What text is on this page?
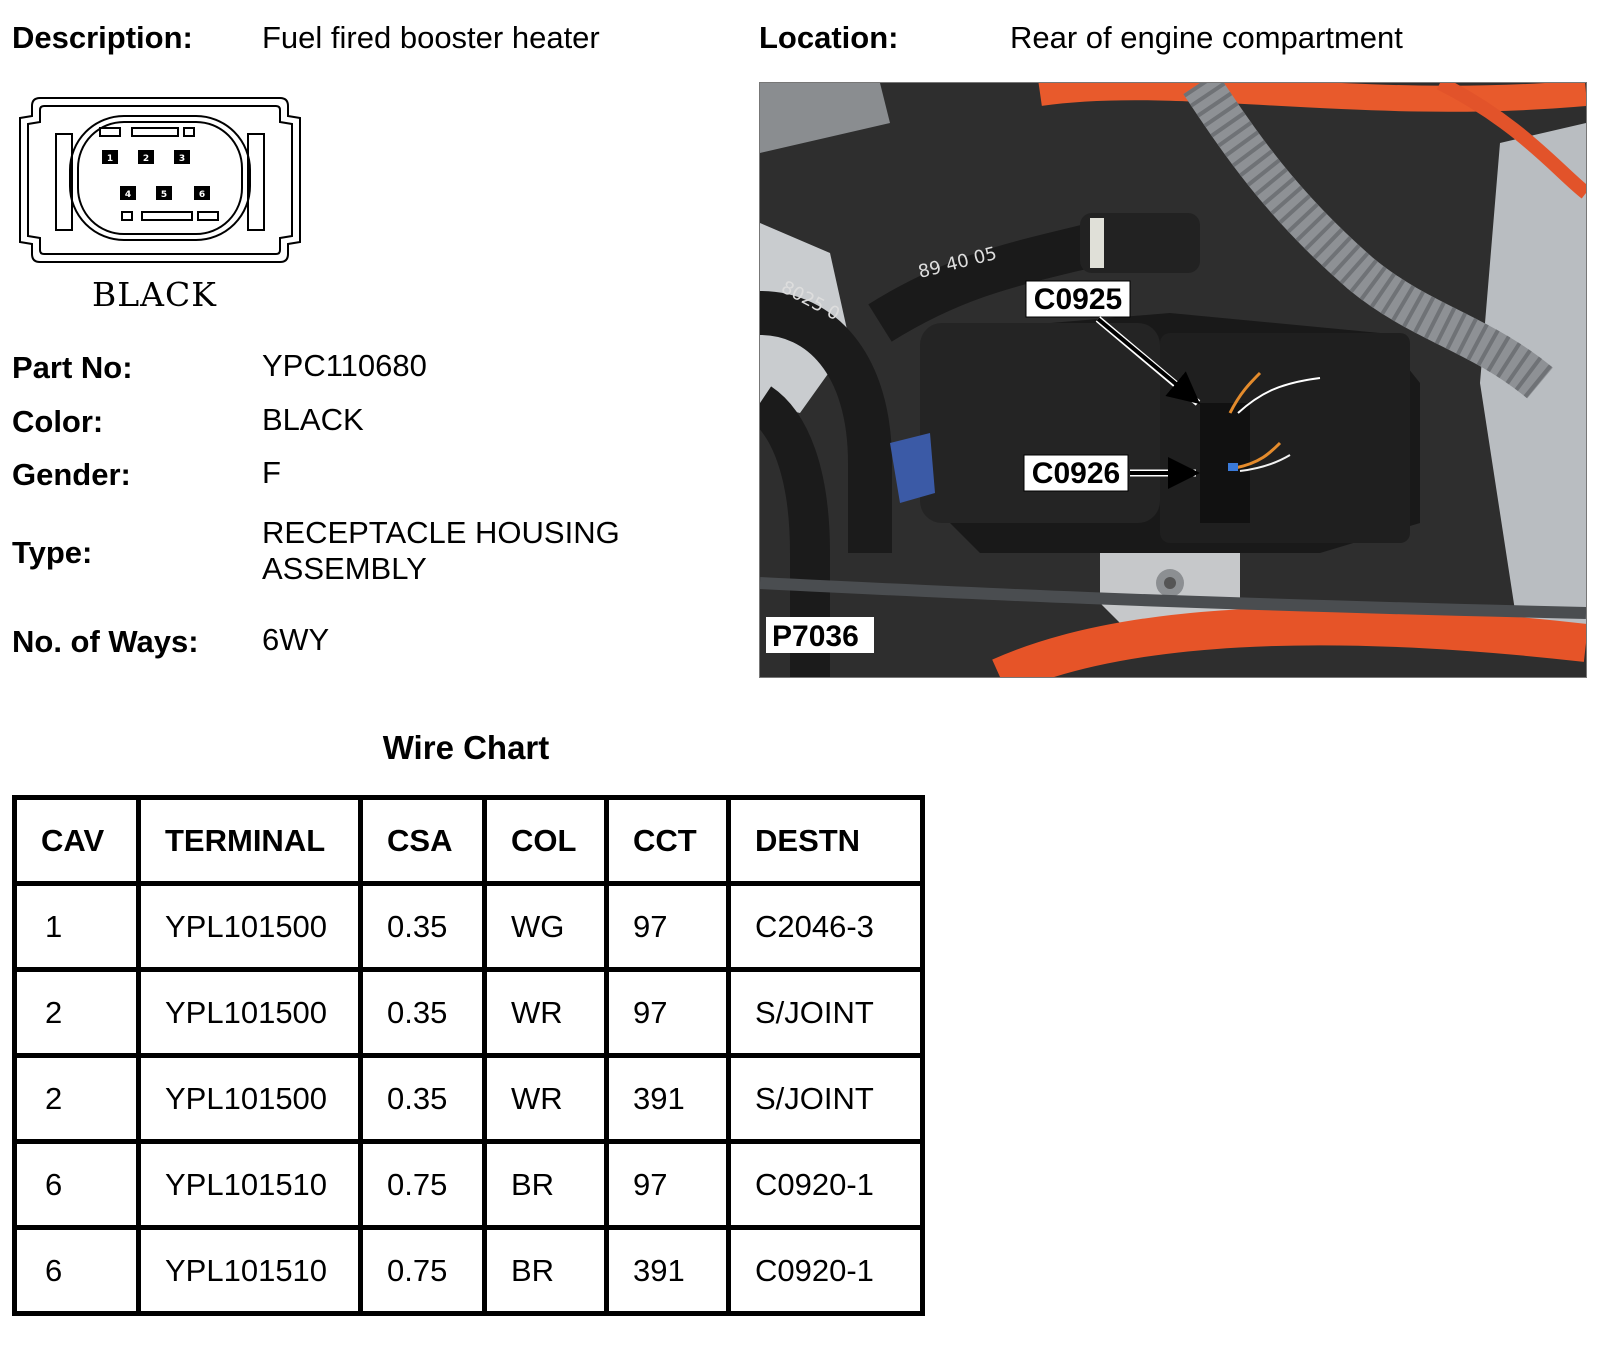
Description: Fuel fired booster heater	Location:	Rear of engine compartment
1	2	3
4	5	6
BLACK
Part No:	YPC110680
Color:	BLACK
Gender:	F
Type:
RECEPTACLE HOUSING
ASSEMBLY
No. of Ways: 6WY
89 40 05
8025 0	C0925
C0926
P7036
Wire Chart
CAV	TERMINAL	CSA	COL	CCT	DESTN
1	YPL101500	0.35	WG	97	C2046-3
2	YPL101500	0.35	WR	97	S/JOINT
2	YPL101500	0.35	WR	391	S/JOINT
6	YPL101510	0.75	BR	97	C0920-1
6	YPL101510	0.75	BR	391	C0920-1
